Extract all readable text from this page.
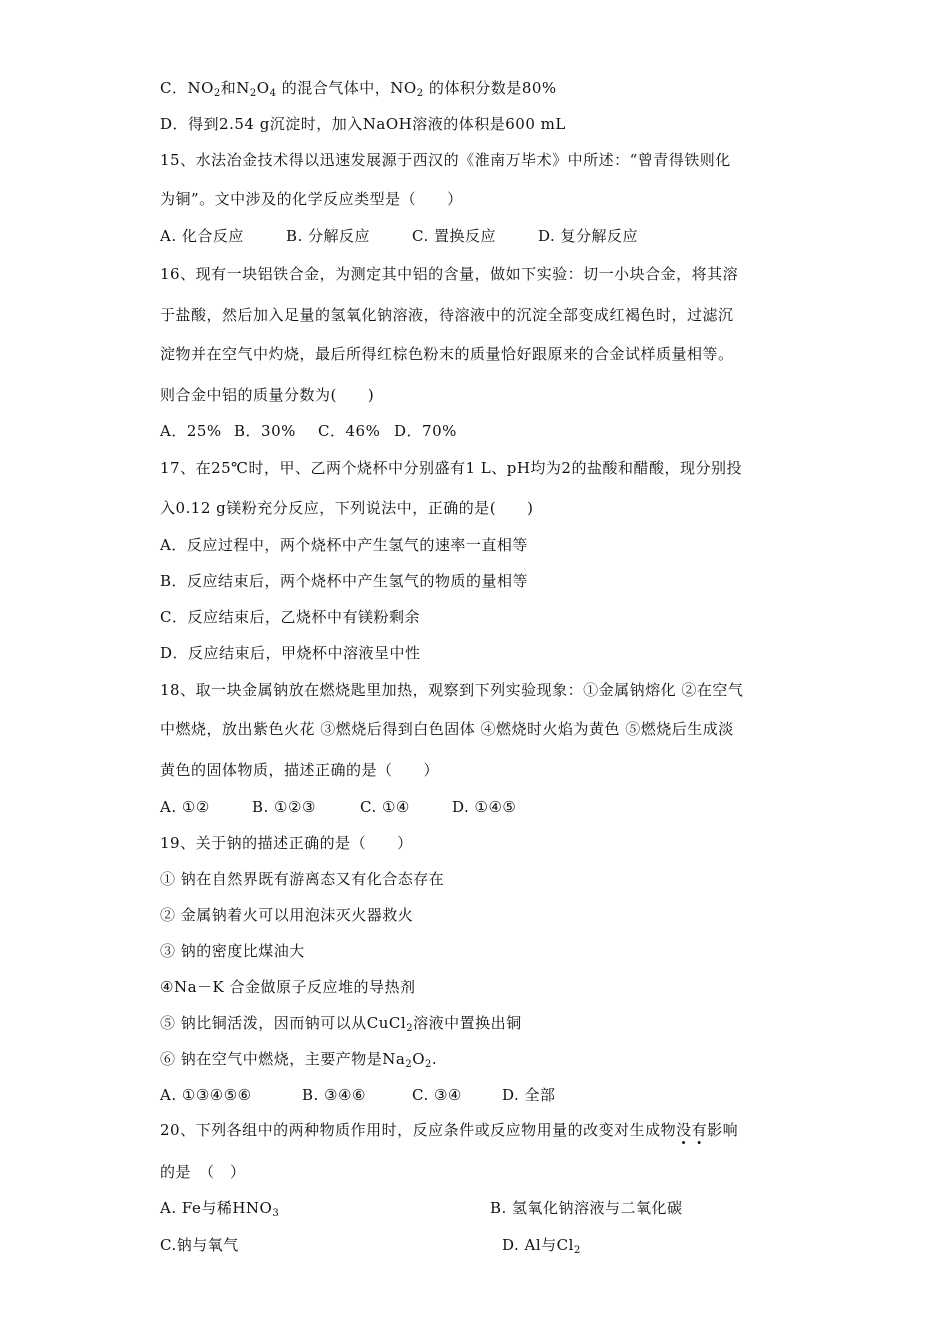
C．$NO_2$和$N_2O_4$ 的混合气体中，$NO_2$ 的体积分数是80%
D．得到2.54 g沉淀时，加入NaOH溶液的体积是600 mL
15、水法冶金技术得以迅速发展源于西汉的《淮南万毕术》中所述：“曾青得铁则化
为铜”。文中涉及的化学反应类型是（　　）
A. 化合反应	B. 分解反应	C. 置换反应	D. 复分解反应
16、现有一块铝铁合金，为测定其中铝的含量，做如下实验：切一小块合金，将其溶
于盐酸，然后加入足量的氢氧化钠溶液，待溶液中的沉淀全部变成红褐色时，过滤沉
淀物并在空气中灼烧，最后所得红棕色粉末的质量恰好跟原来的合金试样质量相等。
则合金中铝的质量分数为(　　)
A．25% B．30% C．46% D．70%
17、在25℃时，甲、乙两个烧杯中分别盛有1 L、pH均为2的盐酸和醋酸，现分别投
入0.12 g镁粉充分反应，下列说法中，正确的是(　　)
A．反应过程中，两个烧杯中产生氢气的速率一直相等
B．反应结束后，两个烧杯中产生氢气的物质的量相等
C．反应结束后，乙烧杯中有镁粉剩余
D．反应结束后，甲烧杯中溶液呈中性
18、取一块金属钠放在燃烧匙里加热，观察到下列实验现象：①金属钠熔化 ②在空气
中燃烧，放出紫色火花 ③燃烧后得到白色固体 ④燃烧时火焰为黄色 ⑤燃烧后生成淡
黄色的固体物质，描述正确的是（　　）
A. ①②	B. ①②③	C. ①④	D. ①④⑤
19、关于钠的描述正确的是（　　）
① 钠在自然界既有游离态又有化合态存在
② 金属钠着火可以用泡沫灭火器救火
③ 钠的密度比煤油大
④Na－K 合金做原子反应堆的导热剂
⑤ 钠比铜活泼，因而钠可以从CuCl$_2$溶液中置换出铜
⑥ 钠在空气中燃烧，主要产物是$Na_2O_2$.
A. ①③④⑤⑥	B. ③④⑥	C. ③④	D. 全部
20、下列各组中的两种物质作用时，反应条件或反应物用量的改变对生成物没有影响
的是　（　）
A. Fe与稀$HNO_3$	B. 氢氧化钠溶液与二氧化碳
C.钠与氧气	D. Al与$Cl_2$
